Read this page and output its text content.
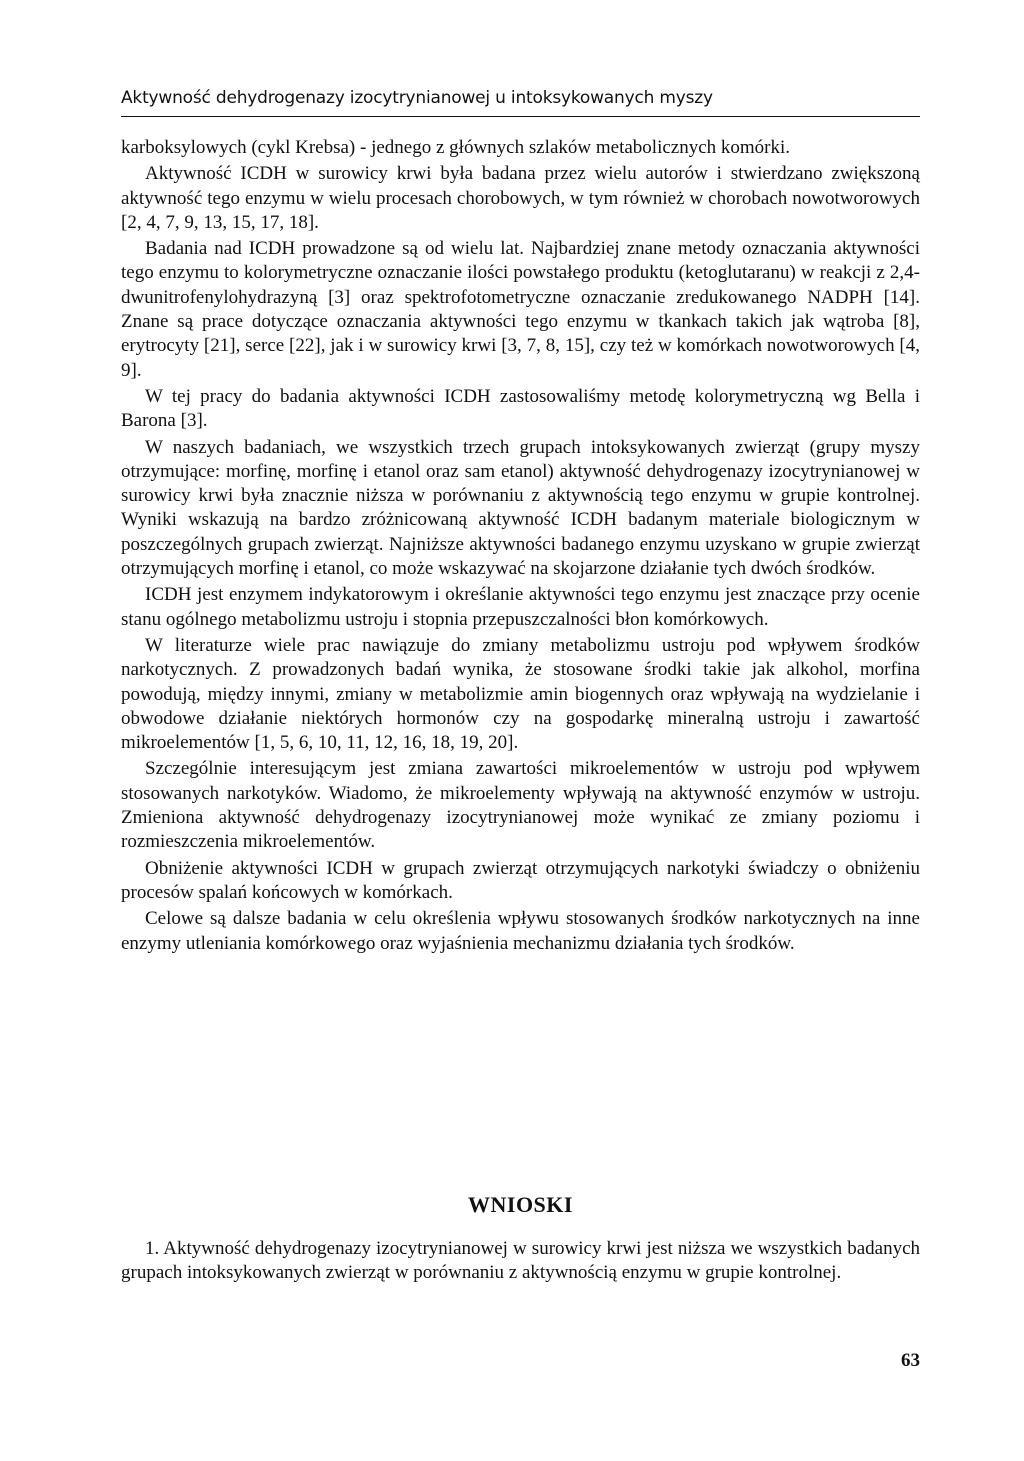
Aktywność dehydrogenazy izocytrynianowej u intoksykowanych myszy

karboksylowych (cykl Krebsa) - jednego z głównych szlaków metabolicznych komórki.

Aktywność ICDH w surowicy krwi była badana przez wielu autorów i stwierdzano zwiększoną aktywność tego enzymu w wielu procesach chorobowych, w tym również w chorobach nowotworowych [2, 4, 7, 9, 13, 15, 17, 18].

Badania nad ICDH prowadzone są od wielu lat. Najbardziej znane metody oznaczania aktywności tego enzymu to kolorymetryczne oznaczanie ilości powstałego produktu (ketoglutaranu) w reakcji z 2,4-dwunitrofenylohydrazyną [3] oraz spektrofotometryczne oznaczanie zredukowanego NADPH [14]. Znane są prace dotyczące oznaczania aktywności tego enzymu w tkankach takich jak wątroba [8], erytrocyty [21], serce [22], jak i w surowicy krwi [3, 7, 8, 15], czy też w komórkach nowotworowych [4, 9].

W tej pracy do badania aktywności ICDH zastosowaliśmy metodę kolorymetryczną wg Bella i Barona [3].

W naszych badaniach, we wszystkich trzech grupach intoksykowanych zwierząt (grupy myszy otrzymujące: morfinę, morfinę i etanol oraz sam etanol) aktywność dehydrogenazy izocytrynianowej w surowicy krwi była znacznie niższa w porównaniu z aktywnością tego enzymu w grupie kontrolnej. Wyniki wskazują na bardzo zróżnicowaną aktywność ICDH badanym materiale biologicznym w poszczególnych grupach zwierząt. Najniższe aktywności badanego enzymu uzyskano w grupie zwierząt otrzymujących morfinę i etanol, co może wskazywać na skojarzone działanie tych dwóch środków.

ICDH jest enzymem indykatorowym i określanie aktywności tego enzymu jest znaczące przy ocenie stanu ogólnego metabolizmu ustroju i stopnia przepuszczalności błon komórkowych.

W literaturze wiele prac nawiązuje do zmiany metabolizmu ustroju pod wpływem środków narkotycznych. Z prowadzonych badań wynika, że stosowane środki takie jak alkohol, morfina powodują, między innymi, zmiany w metabolizmie amin biogennych oraz wpływają na wydzielanie i obwodowe działanie niektórych hormonów czy na gospodarkę mineralną ustroju i zawartość mikroelementów [1, 5, 6, 10, 11, 12, 16, 18, 19, 20].

Szczególnie interesującym jest zmiana zawartości mikroelementów w ustroju pod wpływem stosowanych narkotyków. Wiadomo, że mikroelementy wpływają na aktywność enzymów w ustroju. Zmieniona aktywność dehydrogenazy izocytrynianowej może wynikać ze zmiany poziomu i rozmieszczenia mikroelementów.

Obniżenie aktywności ICDH w grupach zwierząt otrzymujących narkotyki świadczy o obniżeniu procesów spalań końcowych w komórkach.

Celowe są dalsze badania w celu określenia wpływu stosowanych środków narkotycznych na inne enzymy utleniania komórkowego oraz wyjaśnienia mechanizmu działania tych środków.

WNIOSKI

1. Aktywność dehydrogenazy izocytrynianowej w surowicy krwi jest niższa we wszystkich badanych grupach intoksykowanych zwierząt w porównaniu z aktywnością enzymu w grupie kontrolnej.

63
